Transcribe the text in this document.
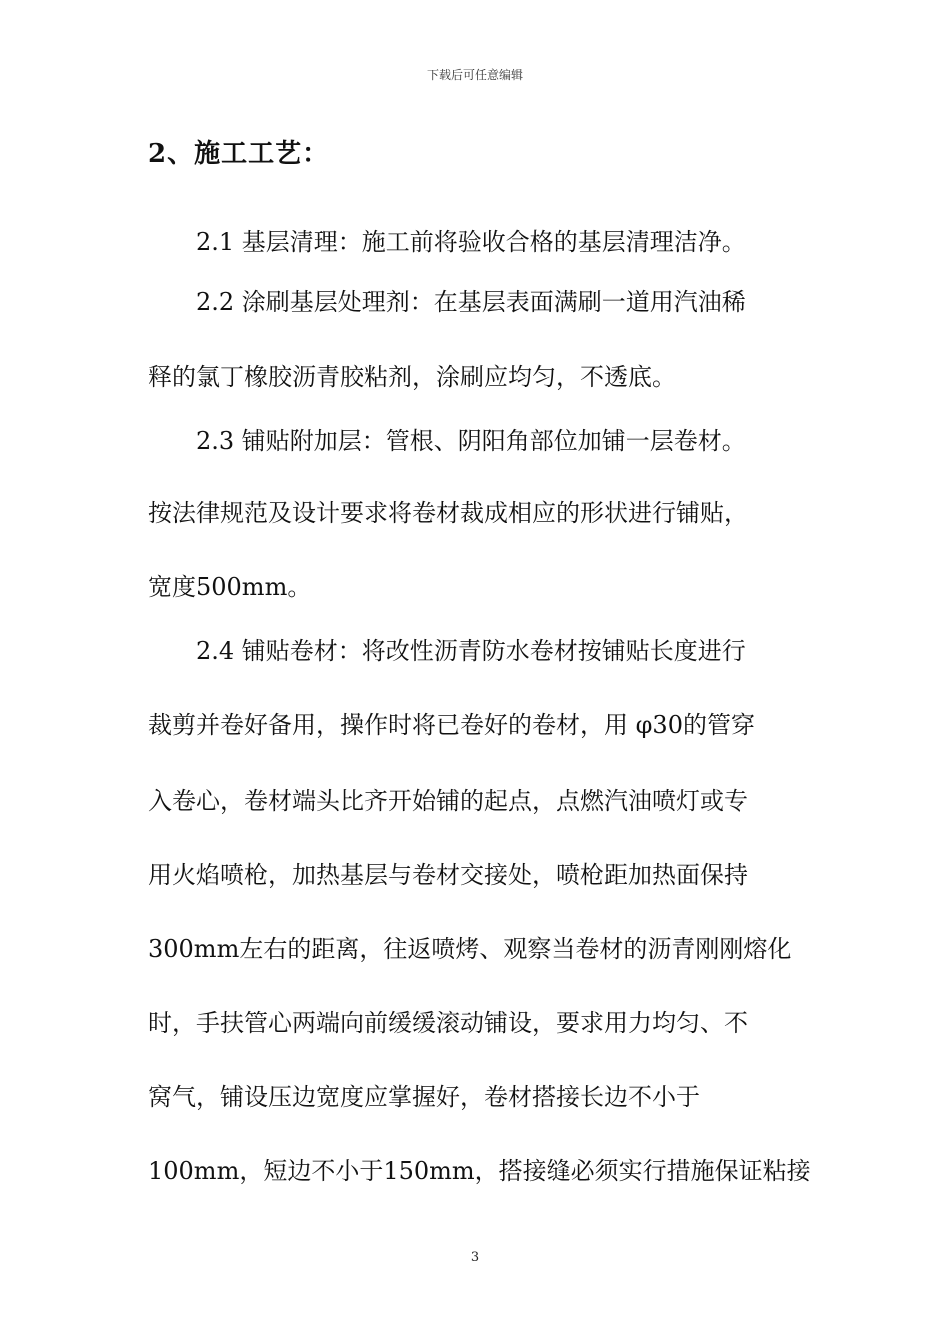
下载后可任意编辑
2、施工工艺：
2.1 基层清理：施工前将验收合格的基层清理洁净。
2.2 涂刷基层处理剂：在基层表面满刷一道用汽油稀
释的氯丁橡胶沥青胶粘剂，涂刷应均匀，不透底。
2.3 铺贴附加层：管根、阴阳角部位加铺一层卷材。
按法律规范及设计要求将卷材裁成相应的形状进行铺贴，
宽度500mm。
2.4 铺贴卷材：将改性沥青防水卷材按铺贴长度进行
裁剪并卷好备用，操作时将已卷好的卷材，用 φ30的管穿
入卷心，卷材端头比齐开始铺的起点，点燃汽油喷灯或专
用火焰喷枪，加热基层与卷材交接处，喷枪距加热面保持
300mm左右的距离，往返喷烤、观察当卷材的沥青刚刚熔化
时，手扶管心两端向前缓缓滚动铺设，要求用力均匀、不
窝气，铺设压边宽度应掌握好，卷材搭接长边不小于
100mm，短边不小于150mm，搭接缝必须实行措施保证粘接
3
